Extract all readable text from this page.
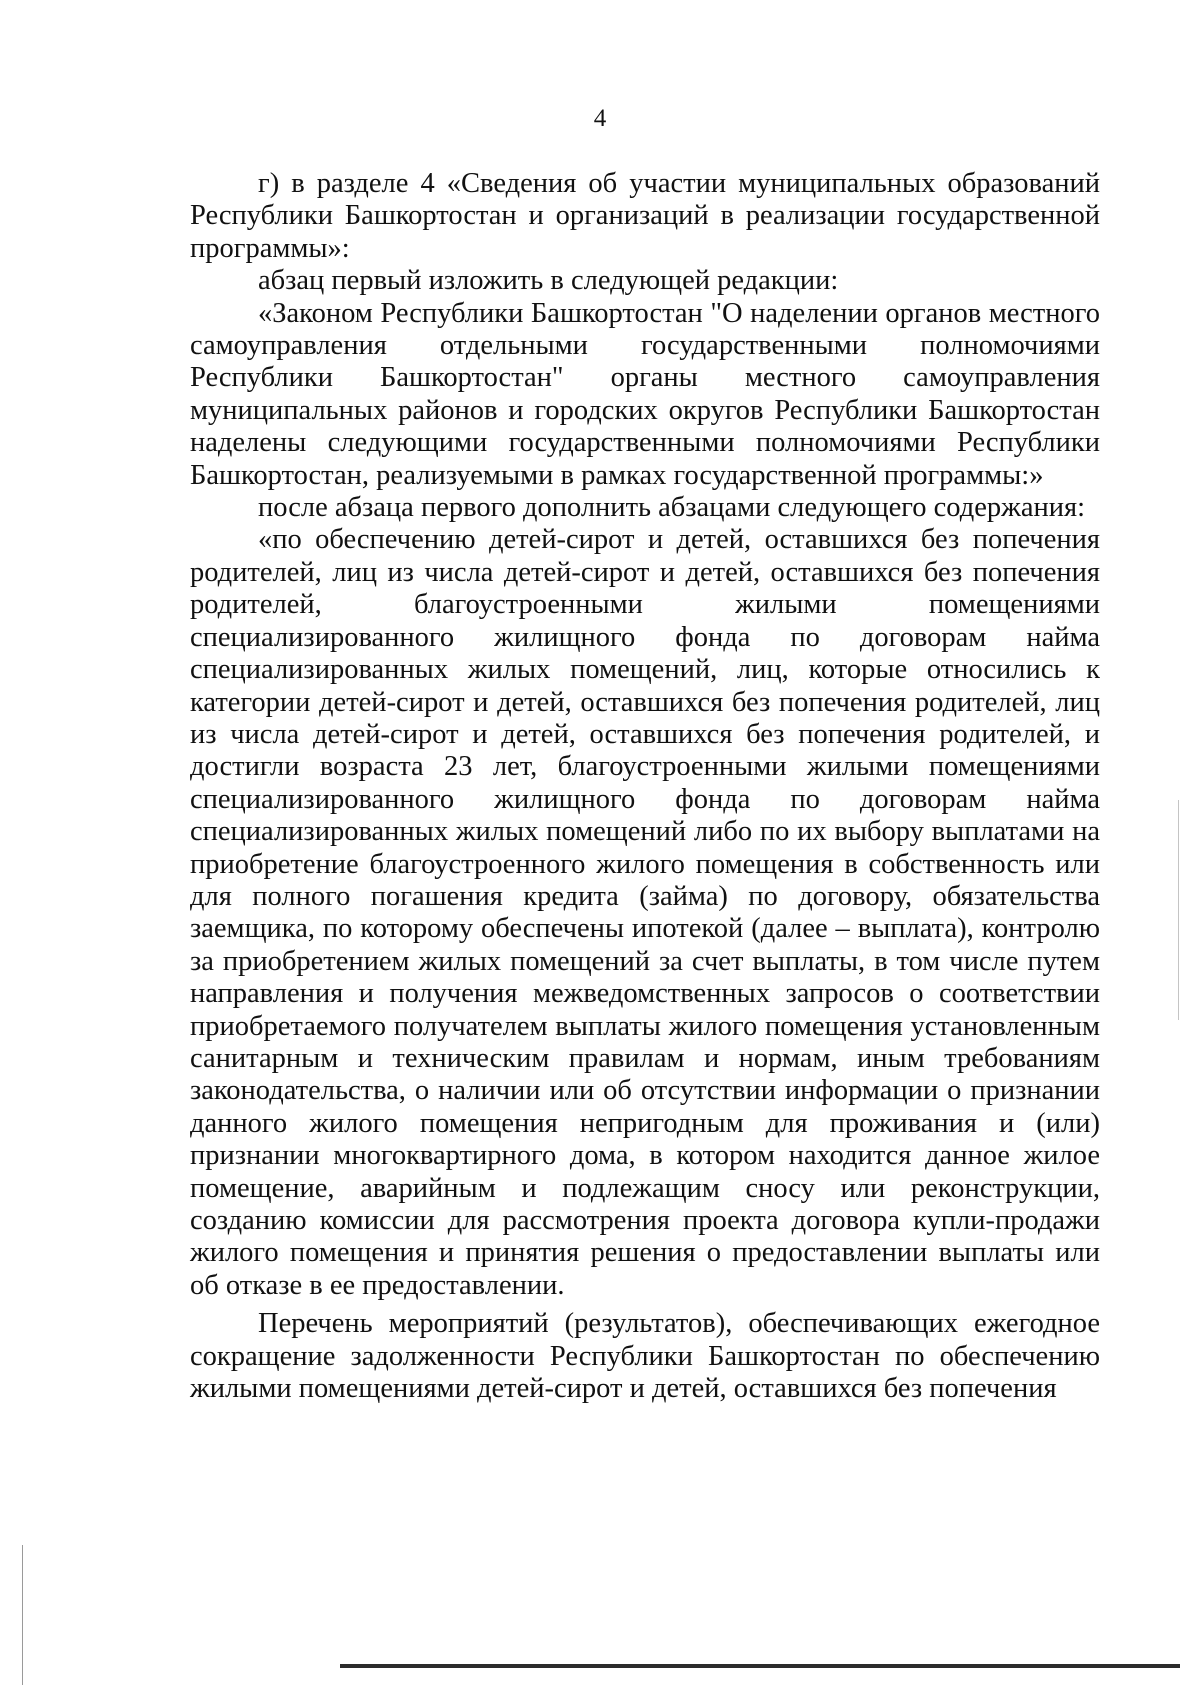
4

г) в разделе 4 «Сведения об участии муниципальных образований Республики Башкортостан и организаций в реализации государственной программы»:

абзац первый изложить в следующей редакции:

«Законом Республики Башкортостан "О наделении органов местного самоуправления отдельными государственными полномочиями Республики Башкортостан" органы местного самоуправления муниципальных районов и городских округов Республики Башкортостан наделены следующими государственными полномочиями Республики Башкортостан, реализуемыми в рамках государственной программы:»

после абзаца первого дополнить абзацами следующего содержания:

«по обеспечению детей-сирот и детей, оставшихся без попечения родителей, лиц из числа детей-сирот и детей, оставшихся без попечения родителей, благоустроенными жилыми помещениями специализированного жилищного фонда по договорам найма специализированных жилых помещений, лиц, которые относились к категории детей-сирот и детей, оставшихся без попечения родителей, лиц из числа детей-сирот и детей, оставшихся без попечения родителей, и достигли возраста 23 лет, благоустроенными жилыми помещениями специализированного жилищного фонда по договорам найма специализированных жилых помещений либо по их выбору выплатами на приобретение благоустроенного жилого помещения в собственность или для полного погашения кредита (займа) по договору, обязательства заемщика, по которому обеспечены ипотекой (далее – выплата), контролю за приобретением жилых помещений за счет выплаты, в том числе путем направления и получения межведомственных запросов о соответствии приобретаемого получателем выплаты жилого помещения установленным санитарным и техническим правилам и нормам, иным требованиям законодательства, о наличии или об отсутствии информации о признании данного жилого помещения непригодным для проживания и (или) признании многоквартирного дома, в котором находится данное жилое помещение, аварийным и подлежащим сносу или реконструкции, созданию комиссии для рассмотрения проекта договора купли-продажи жилого помещения и принятия решения о предоставлении выплаты или об отказе в ее предоставлении.

Перечень мероприятий (результатов), обеспечивающих ежегодное сокращение задолженности Республики Башкортостан по обеспечению жилыми помещениями детей-сирот и детей, оставшихся без попечения
